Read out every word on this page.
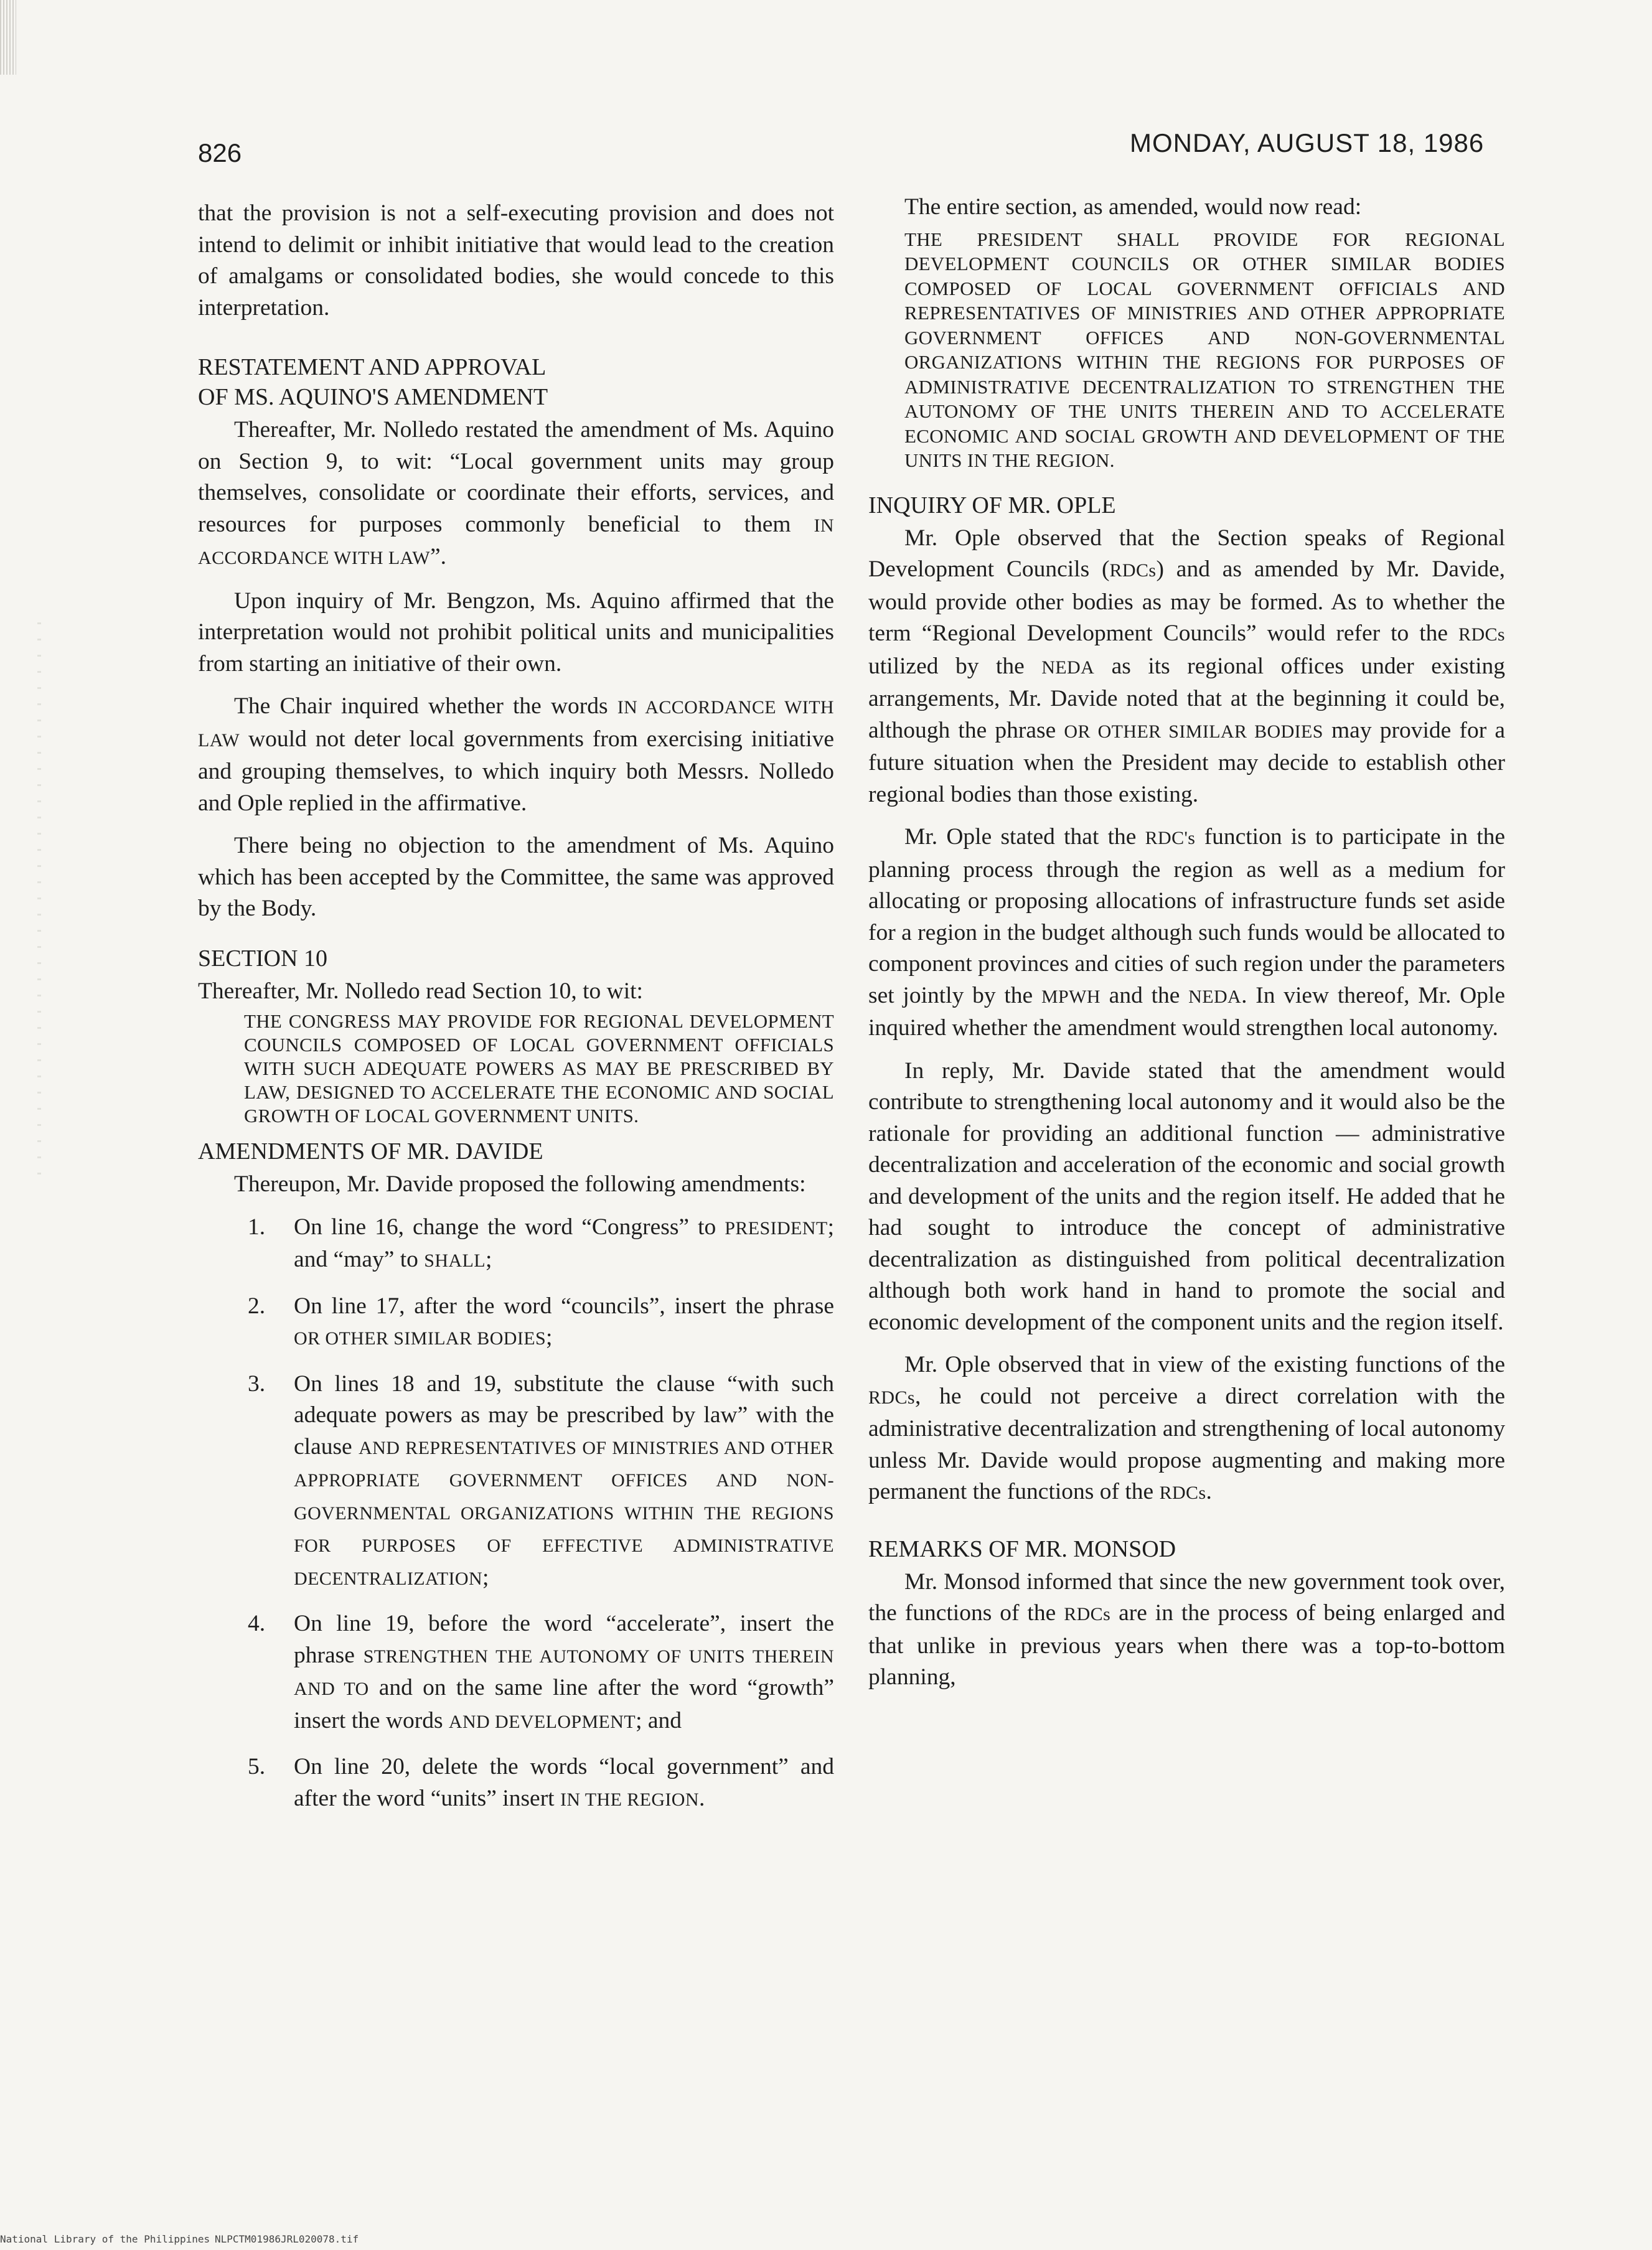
826	MONDAY, AUGUST 18, 1986

that the provision is not a self-executing provision and does not intend to delimit or inhibit initiative that would lead to the creation of amalgams or consolidated bodies, she would concede to this interpretation.

RESTATEMENT AND APPROVAL
OF MS. AQUINO'S AMENDMENT

Thereafter, Mr. Nolledo restated the amendment of Ms. Aquino on Section 9, to wit: “Local government units may group themselves, consolidate or coordinate their efforts, services, and resources for purposes commonly beneficial to them IN ACCORDANCE WITH LAW”.

Upon inquiry of Mr. Bengzon, Ms. Aquino affirmed that the interpretation would not prohibit political units and municipalities from starting an initiative of their own.

The Chair inquired whether the words IN ACCORDANCE WITH LAW would not deter local governments from exercising initiative and grouping themselves, to which inquiry both Messrs. Nolledo and Ople replied in the affirmative.

There being no objection to the amendment of Ms. Aquino which has been accepted by the Committee, the same was approved by the Body.

SECTION 10

Thereafter, Mr. Nolledo read Section 10, to wit:

THE CONGRESS MAY PROVIDE FOR REGIONAL DEVELOPMENT COUNCILS COMPOSED OF LOCAL GOVERNMENT OFFICIALS WITH SUCH ADEQUATE POWERS AS MAY BE PRESCRIBED BY LAW, DESIGNED TO ACCELERATE THE ECONOMIC AND SOCIAL GROWTH OF LOCAL GOVERNMENT UNITS.
AMENDMENTS OF MR. DAVIDE

Thereupon, Mr. Davide proposed the following amendments:

1. On line 16, change the word “Congress” to PRESIDENT; and “may” to SHALL;
2. On line 17, after the word “councils”, insert the phrase OR OTHER SIMILAR BODIES;
3. On lines 18 and 19, substitute the clause “with such adequate powers as may be prescribed by law” with the clause AND REPRESENTATIVES OF MINISTRIES AND OTHER APPROPRIATE GOVERNMENT OFFICES AND NON-GOVERNMENTAL ORGANIZATIONS WITHIN THE REGIONS FOR PURPOSES OF EFFECTIVE ADMINISTRATIVE DECENTRALIZATION;
4. On line 19, before the word “accelerate”, insert the phrase STRENGTHEN THE AUTONOMY OF UNITS THEREIN AND TO and on the same line after the word “growth” insert the words AND DEVELOPMENT; and
5. On line 20, delete the words “local government” and after the word “units” insert IN THE REGION.

The entire section, as amended, would now read:

THE PRESIDENT SHALL PROVIDE FOR REGIONAL DEVELOPMENT COUNCILS OR OTHER SIMILAR BODIES COMPOSED OF LOCAL GOVERNMENT OFFICIALS AND REPRESENTATIVES OF MINISTRIES AND OTHER APPROPRIATE GOVERNMENT OFFICES AND NON-GOVERNMENTAL ORGANIZATIONS WITHIN THE REGIONS FOR PURPOSES OF ADMINISTRATIVE DECENTRALIZATION TO STRENGTHEN THE AUTONOMY OF THE UNITS THEREIN AND TO ACCELERATE ECONOMIC AND SOCIAL GROWTH AND DEVELOPMENT OF THE UNITS IN THE REGION.
INQUIRY OF MR. OPLE

Mr. Ople observed that the Section speaks of Regional Development Councils (RDCs) and as amended by Mr. Davide, would provide other bodies as may be formed. As to whether the term “Regional Development Councils” would refer to the RDCs utilized by the NEDA as its regional offices under existing arrangements, Mr. Davide noted that at the beginning it could be, although the phrase OR OTHER SIMILAR BODIES may provide for a future situation when the President may decide to establish other regional bodies than those existing.

Mr. Ople stated that the RDC's function is to participate in the planning process through the region as well as a medium for allocating or proposing allocations of infrastructure funds set aside for a region in the budget although such funds would be allocated to component provinces and cities of such region under the parameters set jointly by the MPWH and the NEDA. In view thereof, Mr. Ople inquired whether the amendment would strengthen local autonomy.

In reply, Mr. Davide stated that the amendment would contribute to strengthening local autonomy and it would also be the rationale for providing an additional function — administrative decentralization and acceleration of the economic and social growth and development of the units and the region itself. He added that he had sought to introduce the concept of administrative decentralization as distinguished from political decentralization although both work hand in hand to promote the social and economic development of the component units and the region itself.

Mr. Ople observed that in view of the existing functions of the RDCs, he could not perceive a direct correlation with the administrative decentralization and strengthening of local autonomy unless Mr. Davide would propose augmenting and making more permanent the functions of the RDCs.

REMARKS OF MR. MONSOD

Mr. Monsod informed that since the new government took over, the functions of the RDCs are in the process of being enlarged and that unlike in previous years when there was a top-to-bottom planning,

National Library of the Philippines NLPCTM01986JRL020078.tif
